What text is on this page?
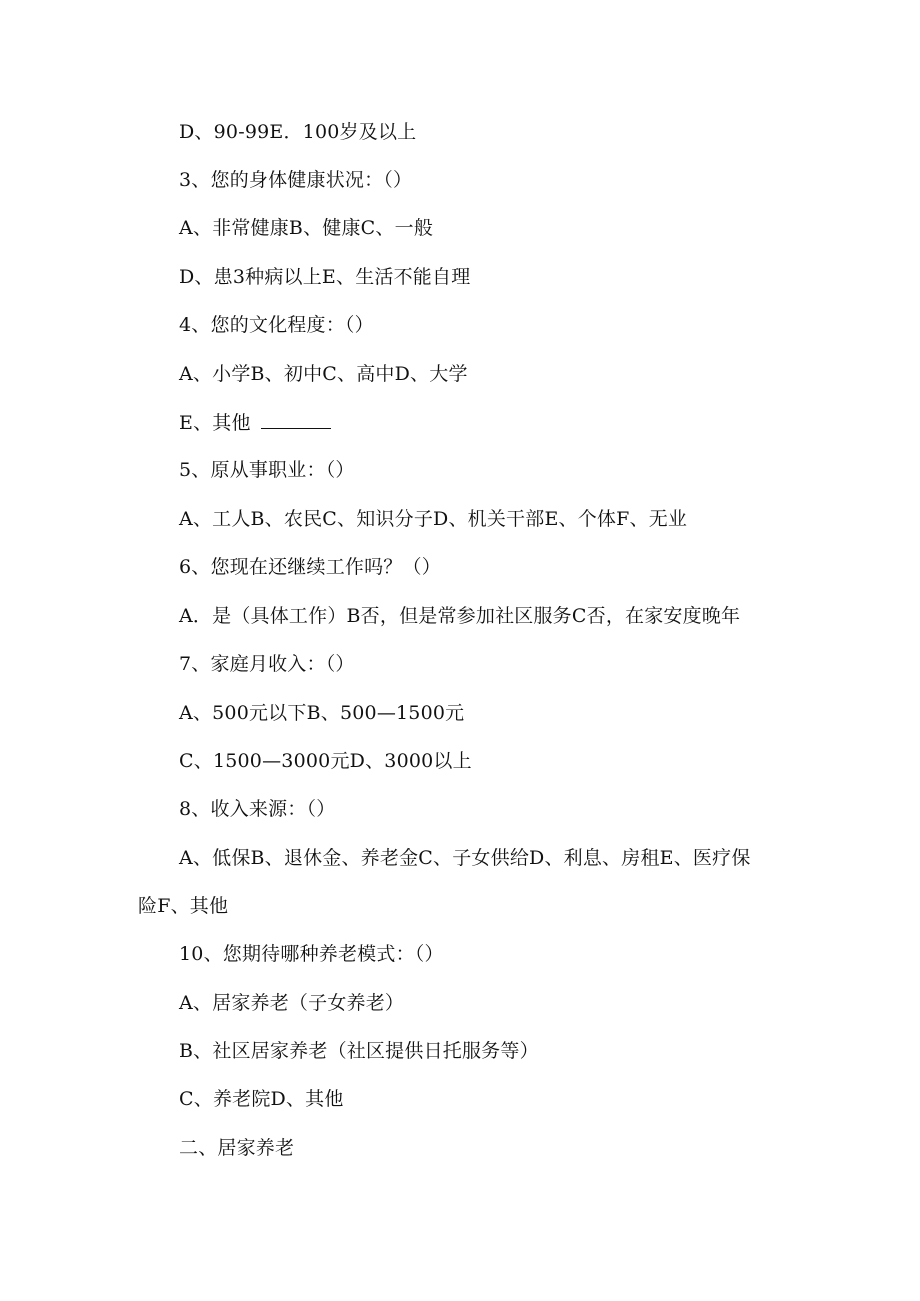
D、90-99E．100岁及以上
3、您的身体健康状况：（）
A、非常健康B、健康C、一般
D、患3种病以上E、生活不能自理
4、您的文化程度：（）
A、小学B、初中C、高中D、大学
E、其他
5、原从事职业：（）
A、工人B、农民C、知识分子D、机关干部E、个体F、无业
6、您现在还继续工作吗？（）
A．是（具体工作）B否，但是常参加社区服务C否，在家安度晚年
7、家庭月收入：（）
A、500元以下B、500—1500元
C、1500—3000元D、3000以上
8、收入来源：（）
A、低保B、退休金、养老金C、子女供给D、利息、房租E、医疗保
险F、其他
10、您期待哪种养老模式：（）
A、居家养老（子女养老）
B、社区居家养老（社区提供日托服务等）
C、养老院D、其他
二、居家养老
